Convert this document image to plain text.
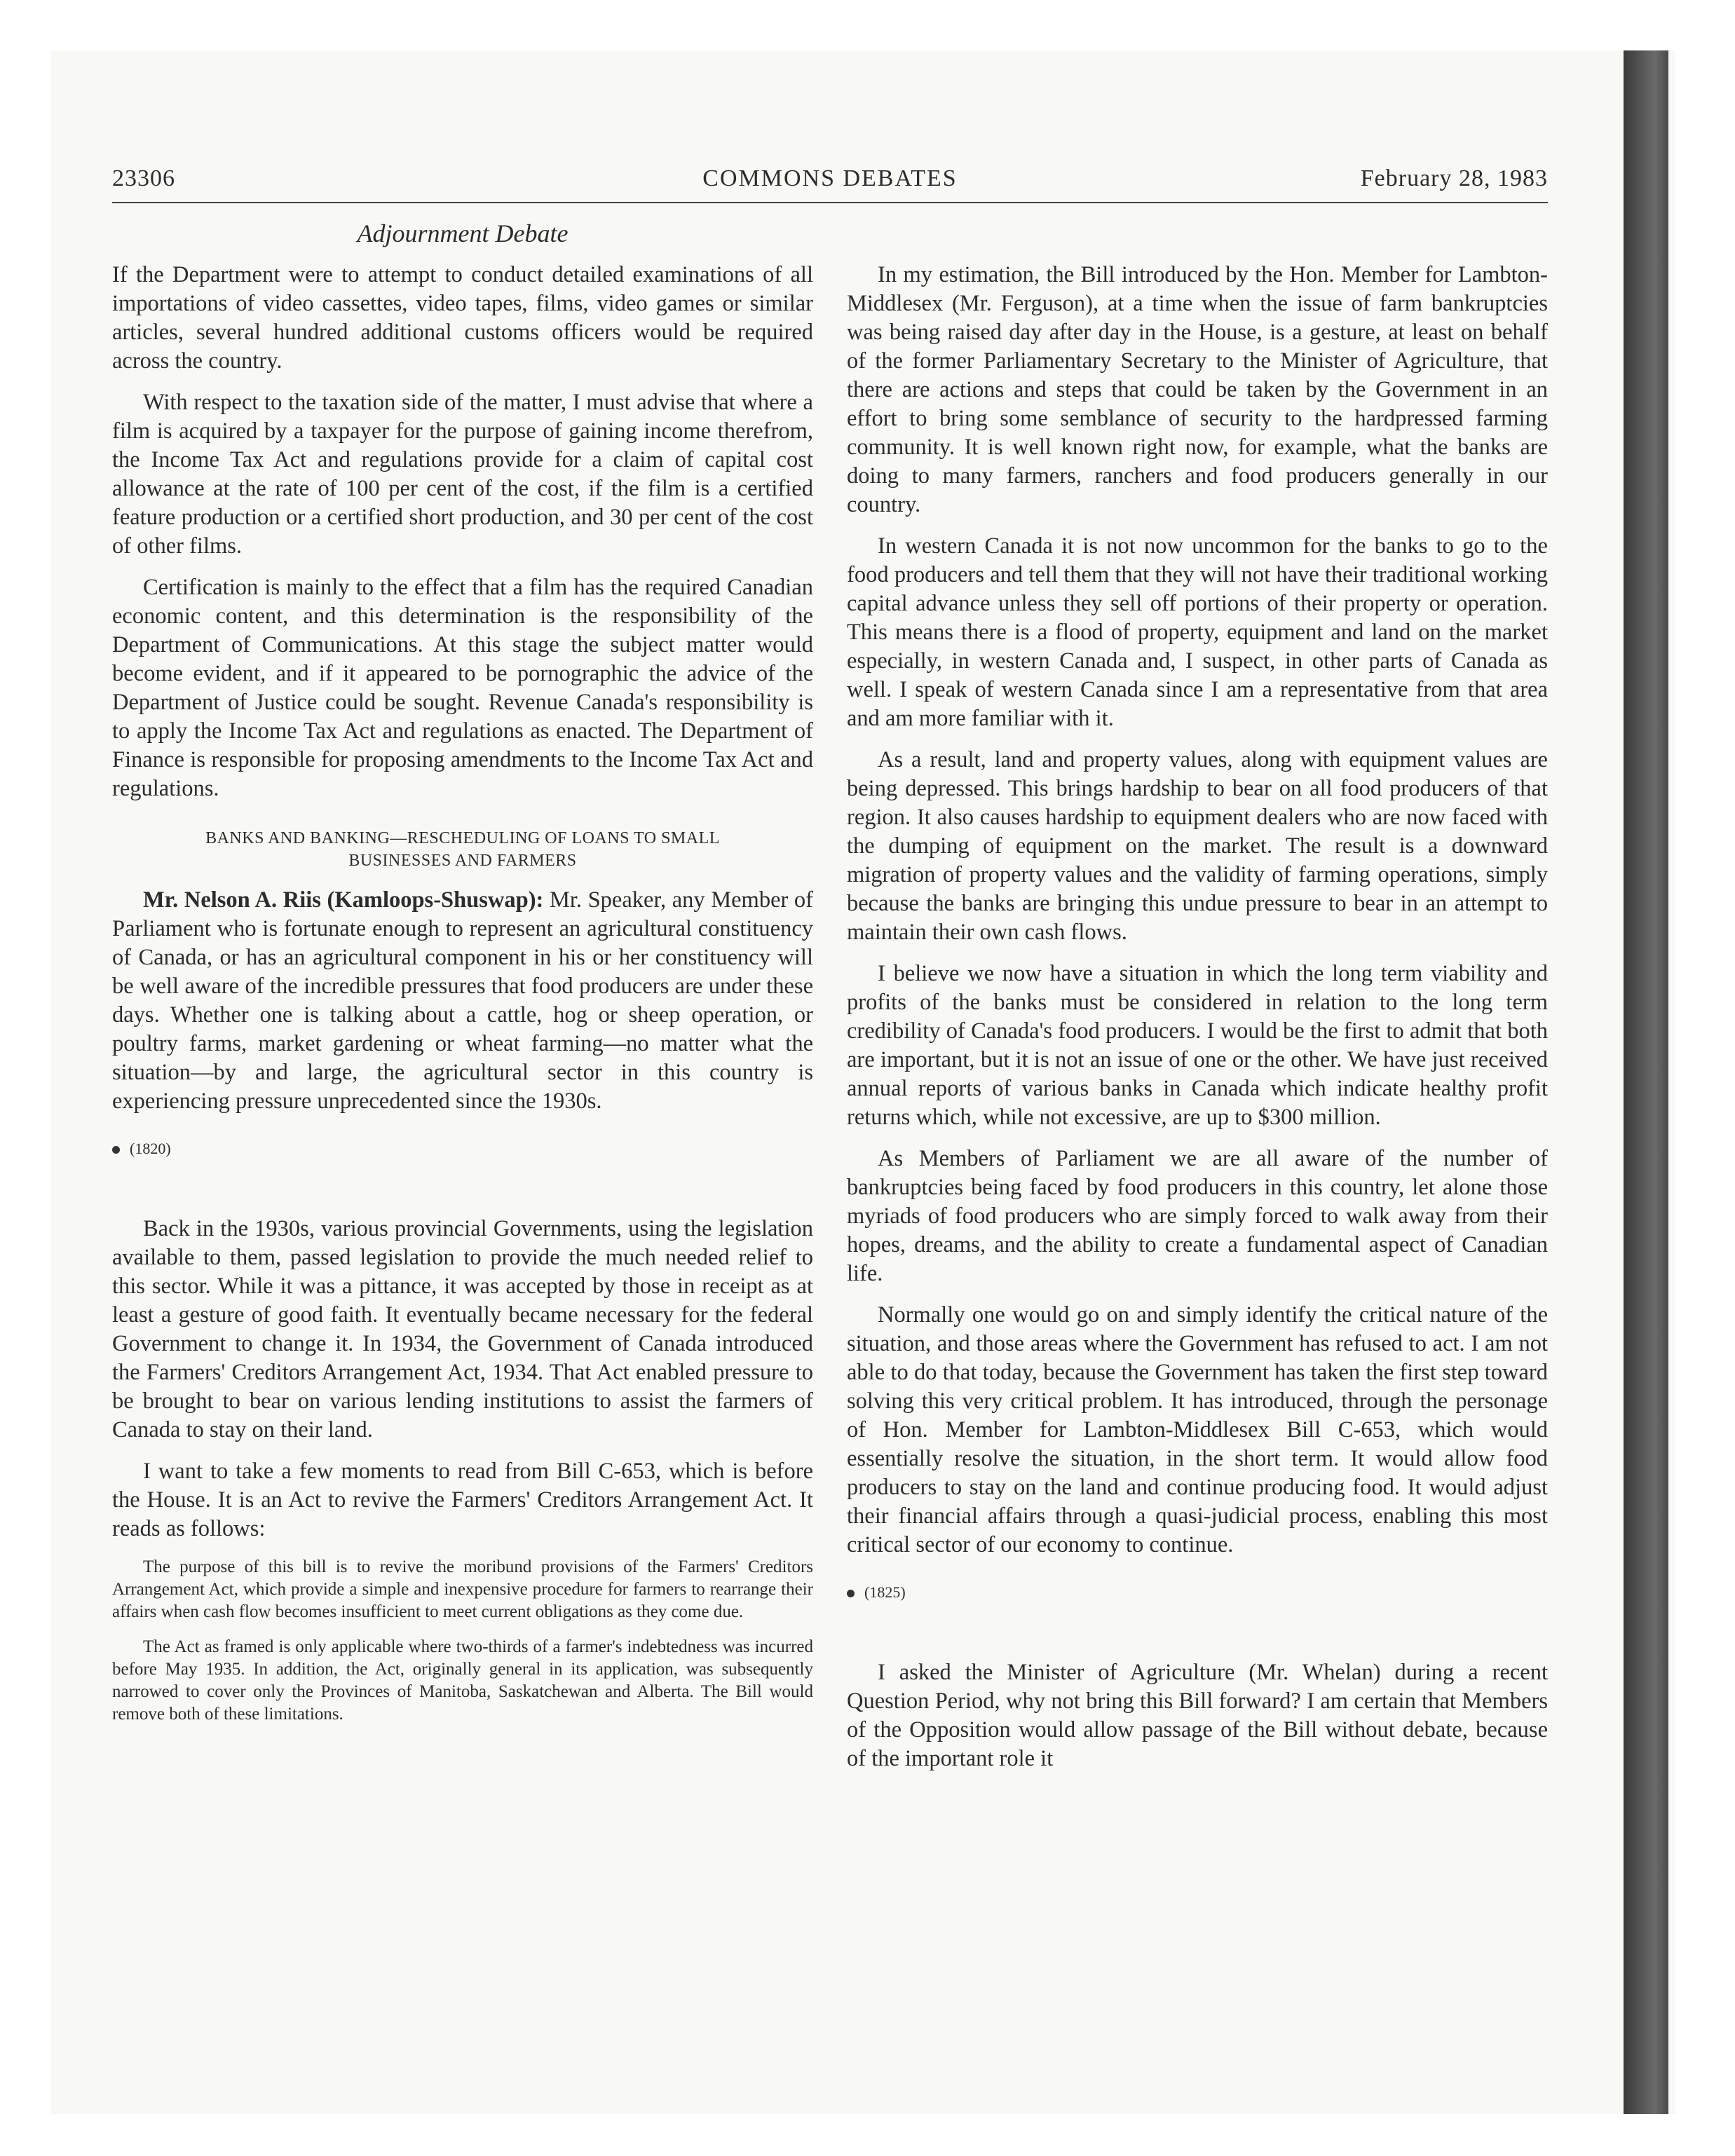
23306	COMMONS DEBATES	February 28, 1983
Adjournment Debate

If the Department were to attempt to conduct detailed examinations of all importations of video cassettes, video tapes, films, video games or similar articles, several hundred additional customs officers would be required across the country.

With respect to the taxation side of the matter, I must advise that where a film is acquired by a taxpayer for the purpose of gaining income therefrom, the Income Tax Act and regulations provide for a claim of capital cost allowance at the rate of 100 per cent of the cost, if the film is a certified feature production or a certified short production, and 30 per cent of the cost of other films.

Certification is mainly to the effect that a film has the required Canadian economic content, and this determination is the responsibility of the Department of Communications. At this stage the subject matter would become evident, and if it appeared to be pornographic the advice of the Department of Justice could be sought. Revenue Canada's responsibility is to apply the Income Tax Act and regulations as enacted. The Department of Finance is responsible for proposing amendments to the Income Tax Act and regulations.

BANKS AND BANKING—RESCHEDULING OF LOANS TO SMALL BUSINESSES AND FARMERS

Mr. Nelson A. Riis (Kamloops-Shuswap): Mr. Speaker, any Member of Parliament who is fortunate enough to represent an agricultural constituency of Canada, or has an agricultural component in his or her constituency will be well aware of the incredible pressures that food producers are under these days. Whether one is talking about a cattle, hog or sheep operation, or poultry farms, market gardening or wheat farming—no matter what the situation—by and large, the agricultural sector in this country is experiencing pressure unprecedented since the 1930s.

(1820)

Back in the 1930s, various provincial Governments, using the legislation available to them, passed legislation to provide the much needed relief to this sector. While it was a pittance, it was accepted by those in receipt as at least a gesture of good faith. It eventually became necessary for the federal Government to change it. In 1934, the Government of Canada introduced the Farmers' Creditors Arrangement Act, 1934. That Act enabled pressure to be brought to bear on various lending institutions to assist the farmers of Canada to stay on their land.

I want to take a few moments to read from Bill C-653, which is before the House. It is an Act to revive the Farmers' Creditors Arrangement Act. It reads as follows:

The purpose of this bill is to revive the moribund provisions of the Farmers' Creditors Arrangement Act, which provide a simple and inexpensive procedure for farmers to rearrange their affairs when cash flow becomes insufficient to meet current obligations as they come due.

The Act as framed is only applicable where two-thirds of a farmer's indebtedness was incurred before May 1935. In addition, the Act, originally general in its application, was subsequently narrowed to cover only the Provinces of Manitoba, Saskatchewan and Alberta. The Bill would remove both of these limitations.

In my estimation, the Bill introduced by the Hon. Member for Lambton-Middlesex (Mr. Ferguson), at a time when the issue of farm bankruptcies was being raised day after day in the House, is a gesture, at least on behalf of the former Parliamentary Secretary to the Minister of Agriculture, that there are actions and steps that could be taken by the Government in an effort to bring some semblance of security to the hardpressed farming community. It is well known right now, for example, what the banks are doing to many farmers, ranchers and food producers generally in our country.

In western Canada it is not now uncommon for the banks to go to the food producers and tell them that they will not have their traditional working capital advance unless they sell off portions of their property or operation. This means there is a flood of property, equipment and land on the market especially, in western Canada and, I suspect, in other parts of Canada as well. I speak of western Canada since I am a representative from that area and am more familiar with it.

As a result, land and property values, along with equipment values are being depressed. This brings hardship to bear on all food producers of that region. It also causes hardship to equipment dealers who are now faced with the dumping of equipment on the market. The result is a downward migration of property values and the validity of farming operations, simply because the banks are bringing this undue pressure to bear in an attempt to maintain their own cash flows.

I believe we now have a situation in which the long term viability and profits of the banks must be considered in relation to the long term credibility of Canada's food producers. I would be the first to admit that both are important, but it is not an issue of one or the other. We have just received annual reports of various banks in Canada which indicate healthy profit returns which, while not excessive, are up to $300 million.

As Members of Parliament we are all aware of the number of bankruptcies being faced by food producers in this country, let alone those myriads of food producers who are simply forced to walk away from their hopes, dreams, and the ability to create a fundamental aspect of Canadian life.

Normally one would go on and simply identify the critical nature of the situation, and those areas where the Government has refused to act. I am not able to do that today, because the Government has taken the first step toward solving this very critical problem. It has introduced, through the personage of Hon. Member for Lambton-Middlesex Bill C-653, which would essentially resolve the situation, in the short term. It would allow food producers to stay on the land and continue producing food. It would adjust their financial affairs through a quasi-judicial process, enabling this most critical sector of our economy to continue.

(1825)

I asked the Minister of Agriculture (Mr. Whelan) during a recent Question Period, why not bring this Bill forward? I am certain that Members of the Opposition would allow passage of the Bill without debate, because of the important role it
